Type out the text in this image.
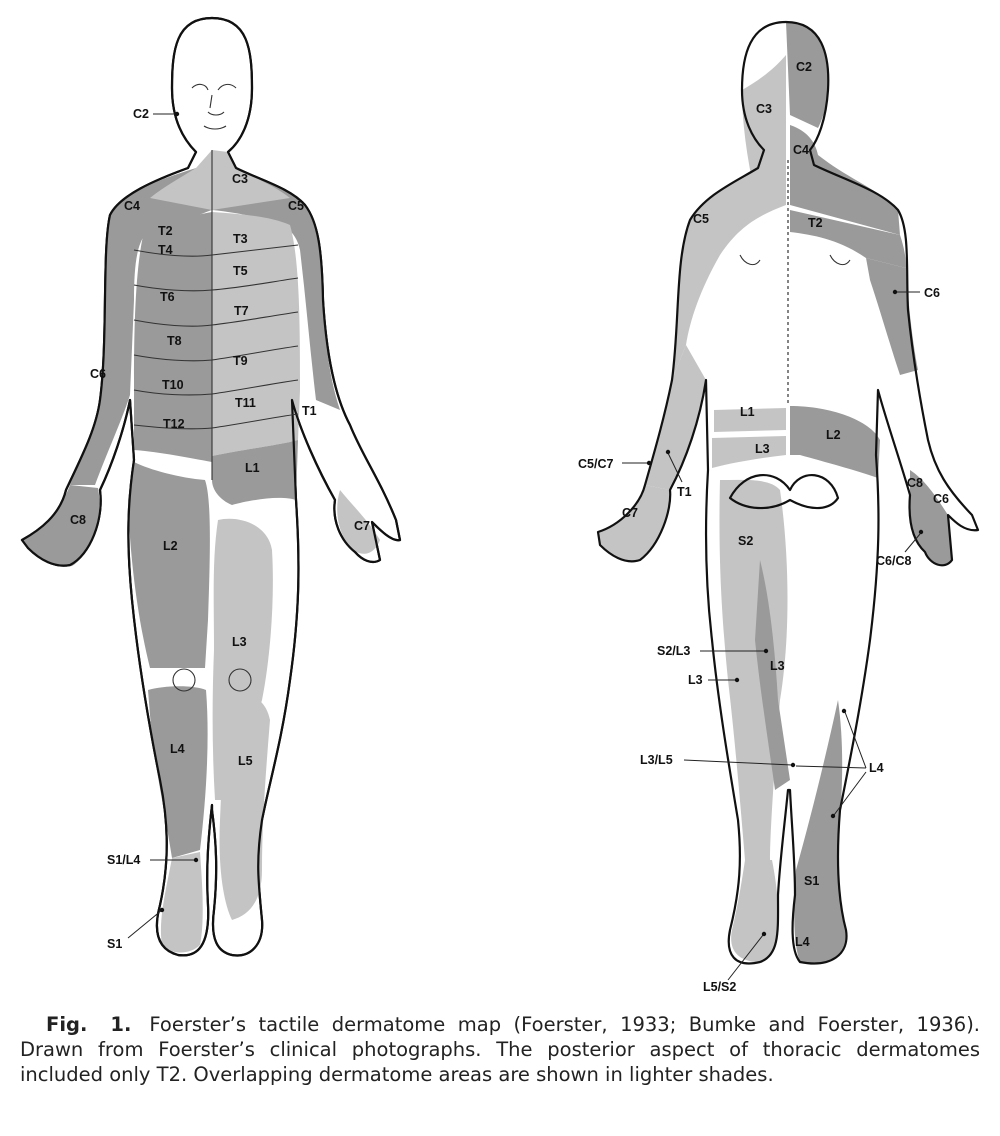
C2
C3
C4	C5
T2
T3
T4
T5
T6
T7
T8
T9
T10
T11
T12
T1
C6
L1
C8	C7
L2
L3
L4
L5
S1/L4
S1
C2
C3
C4
C5	T2
C6
L1
L2
L3
C5/C7
T1
C8
C6
C7
S2
C6/C8
S2/L3
L3
L3
L3/L5
L4
S1
L4
L5/S2
Fig. 1. Foerster’s tactile dermatome map (Foerster, 1933; Bumke and Foerster, 1936). Drawn from Foerster’s clinical photographs. The posterior aspect of thoracic dermatomes included only T2. Overlapping dermatome areas are shown in lighter shades.
